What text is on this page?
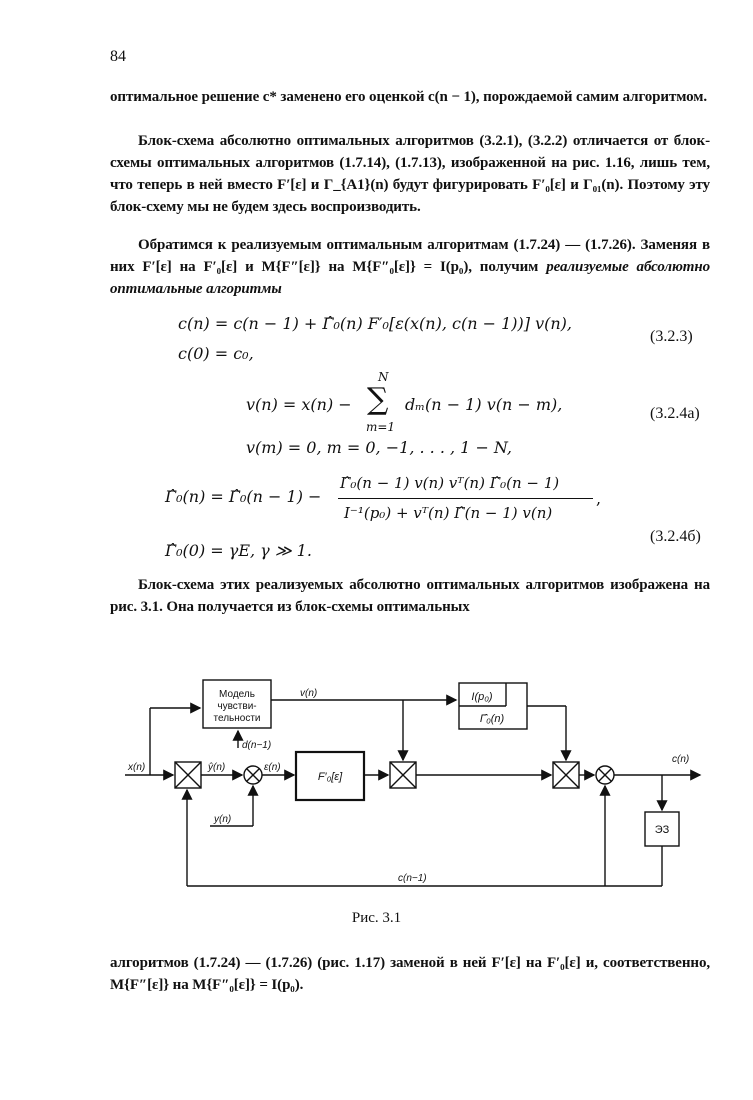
84
оптимальное решение c* заменено его оценкой c(n − 1), порождаемой самим алгоритмом.
Блок-схема абсолютно оптимальных алгоритмов (3.2.1), (3.2.2) отличается от блок-схемы оптимальных алгоритмов (1.7.14), (1.7.13), изображенной на рис. 1.16, лишь тем, что теперь в ней вместо F′[ε] и Γ_{A1}(n) будут фигурировать F′₀[ε] и Γ₀₁(n). Поэтому эту блок-схему мы не будем здесь воспроизводить.
Обратимся к реализуемым оптимальным алгоритмам (1.7.24) — (1.7.26). Заменяя в них F′[ε] на F′₀[ε] и M{F″[ε]} на M{F″₀[ε]} = I(p₀), получим реализуемые абсолютно оптимальные алгоритмы
c(n) = c(n − 1) + Γ̂₀(n) F′₀[ε(x(n), c(n − 1))] v(n),
c(0) = c₀,
(3.2.3)
v(n) = x(n) −
N
∑
m=1
dₘ(n − 1) v(n − m),
v(m) = 0, m = 0, −1, . . . , 1 − N,
(3.2.4а)
Γ̂₀(n) = Γ̂₀(n − 1) −
Γ̂₀(n − 1) v(n) vᵀ(n) Γ̂₀(n − 1)
I⁻¹(p₀) + vᵀ(n) Γ̂(n − 1) v(n)
,
Γ̂₀(0) = γE, γ ≫ 1.
(3.2.4б)
Блок-схема этих реализуемых абсолютно оптимальных алгоритмов изображена на рис. 3.1. Она получается из блок-схемы оптимальных
Модель
чувстви-
тельности
F′₀[ε]
I(p₀)
Γ̂₀(n)
ЭЗ
x(n)
v(n)
d(n−1)
ŷ(n)	ε(n)
y(n)
c(n)
c(n−1)
Рис. 3.1
алгоритмов (1.7.24) — (1.7.26) (рис. 1.17) заменой в ней F′[ε] на F′₀[ε] и, соответственно, M{F″[ε]} на M{F″₀[ε]} = I(p₀).
